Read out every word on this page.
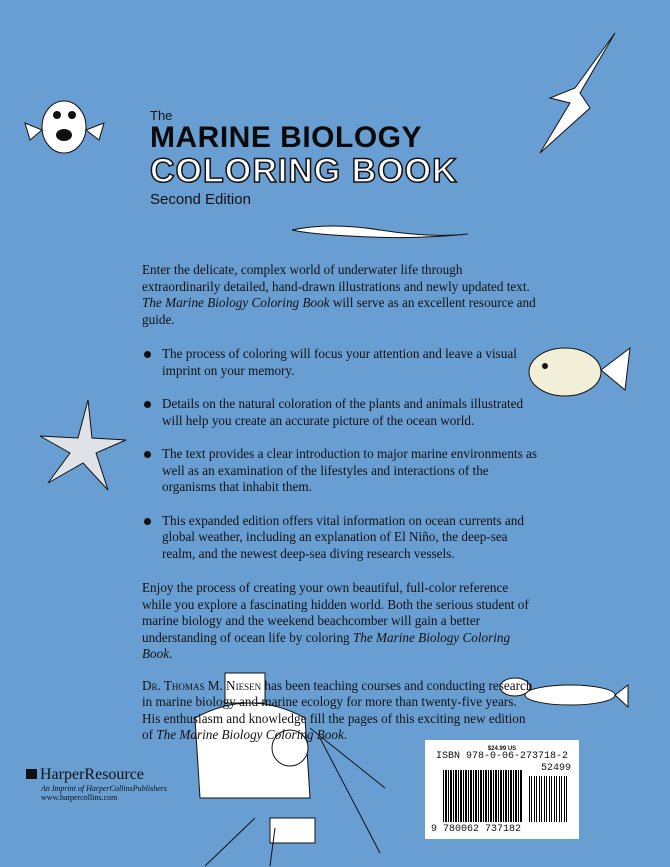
The
MARINE BIOLOGY
COLORING BOOK
Second Edition

Enter the delicate, complex world of underwater life through extraordinarily detailed, hand-drawn illustrations and newly updated text. The Marine Biology Coloring Book will serve as an excellent resource and guide.

The process of coloring will focus your attention and leave a visual imprint on your memory.
Details on the natural coloration of the plants and animals illustrated will help you create an accurate picture of the ocean world.
The text provides a clear introduction to major marine environments as well as an examination of the lifestyles and interactions of the organisms that inhabit them.
This expanded edition offers vital information on ocean currents and global weather, including an explanation of El Niño, the deep-sea realm, and the newest deep-sea diving research vessels.

Enjoy the process of creating your own beautiful, full-color reference while you explore a fascinating hidden world. Both the serious student of marine biology and the weekend beachcomber will gain a better understanding of ocean life by coloring The Marine Biology Coloring Book.

Dr. Thomas M. Niesen has been teaching courses and conducting research in marine biology and marine ecology for more than twenty-five years. His enthusiasm and knowledge fill the pages of this exciting new edition of The Marine Biology Coloring Book.

HarperResource
An Imprint of HarperCollinsPublishers
www.harpercollins.com
$24.99 US
ISBN 978-0-06-273718-2
52499
9 780062 737182
